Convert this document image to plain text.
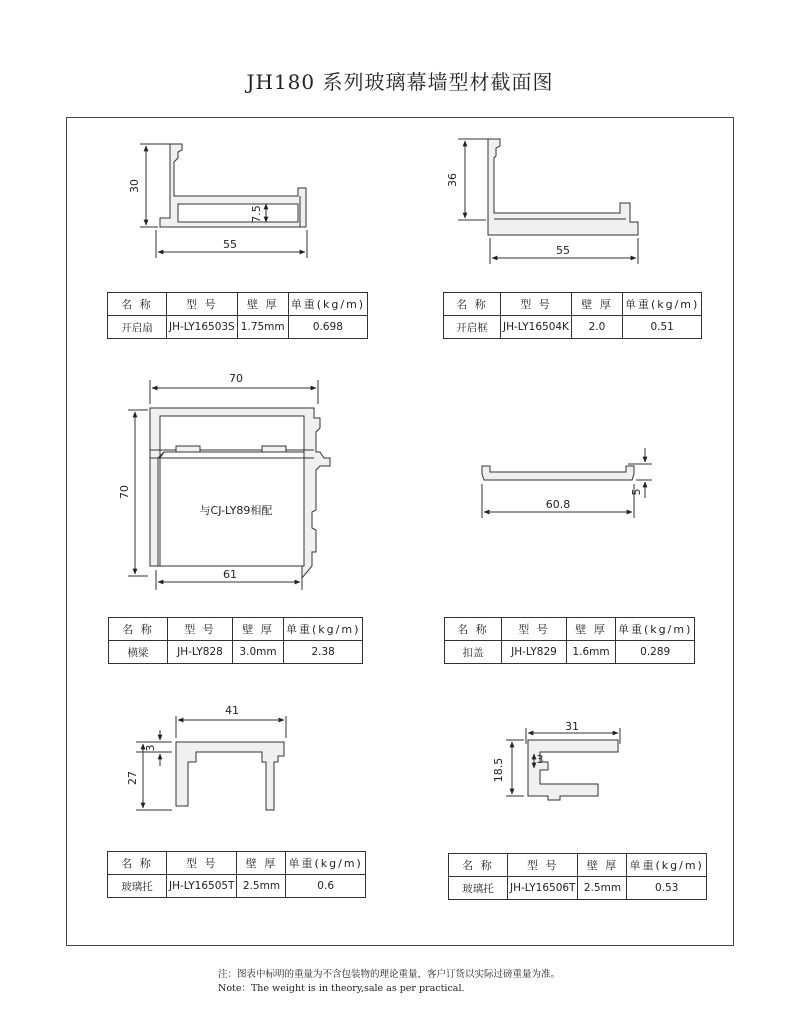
JH180 系列玻璃幕墙型材截面图
30
55
7.5
36
55
70
70
61
与CJ-LY89相配	60.8
5
41
3
27
31
3
18.5
名 称	型 号	壁 厚	单重(kg/m)
开启扇	JH-LY16503S	1.75mm	0.698
名 称	型 号	壁 厚	单重(kg/m)
开启框	JH-LY16504K	2.0	0.51
名 称	型 号	壁 厚	单重(kg/m)
横梁	JH-LY828	3.0mm	2.38
名 称	型 号	壁 厚	单重(kg/m)
扣盖	JH-LY829	1.6mm	0.289
名 称	型 号	壁 厚	单重(kg/m)
玻璃托	JH-LY16505T	2.5mm	0.6
名 称	型 号	壁 厚	单重(kg/m)
玻璃托	JH-LY16506T	2.5mm	0.53
注：图表中标明的重量为不含包装物的理论重量，客户订货以实际过磅重量为准。
Note：The weight is in theory,sale as per practical.
